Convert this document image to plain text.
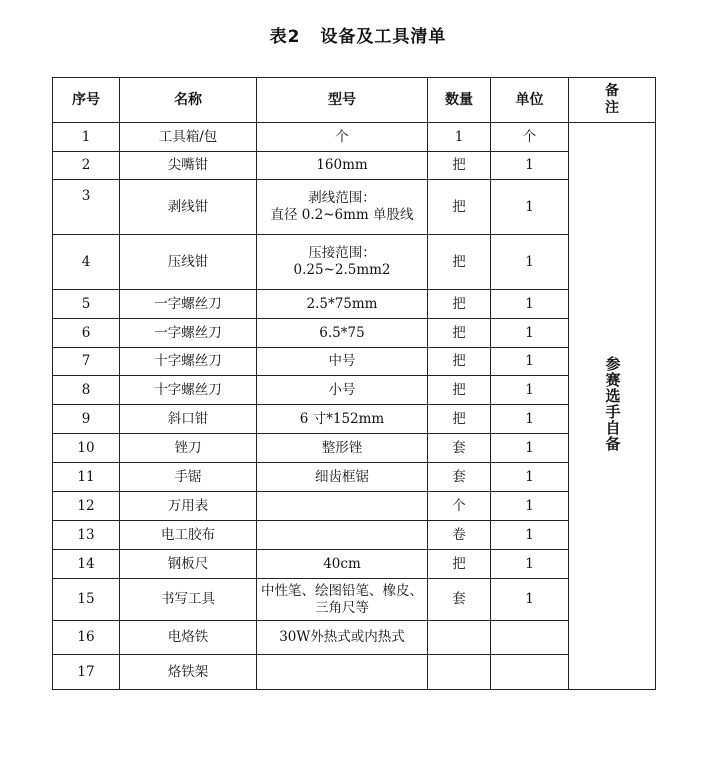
表2 设备及工具清单
序号	名称	型号	数量	单位	备
注

1	工具箱/包	个	1	个	参赛选手自备
2	尖嘴钳	160mm	把	1	
3	剥线钳	剥线范围：
直径 0.2~6mm 单股线	把	1	
4	压线钳	压接范围：
0.25~2.5mm2	把	1	
5	一字螺丝刀	2.5*75mm	把	1	
6	一字螺丝刀	6.5*75	把	1	
7	十字螺丝刀	中号	把	1	
8	十字螺丝刀	小号	把	1	
9	斜口钳	6 寸*152mm	把	1	
10	锉刀	整形锉	套	1	
11	手锯	细齿框锯	套	1	
12	万用表		个	1	
13	电工胶布		卷	1	
14	钢板尺	40cm	把	1	
15	书写工具	中性笔、绘图铅笔、橡皮、
三角尺等	套	1	
16	电烙铁	30W外热式或内热式			

17	烙铁架		
